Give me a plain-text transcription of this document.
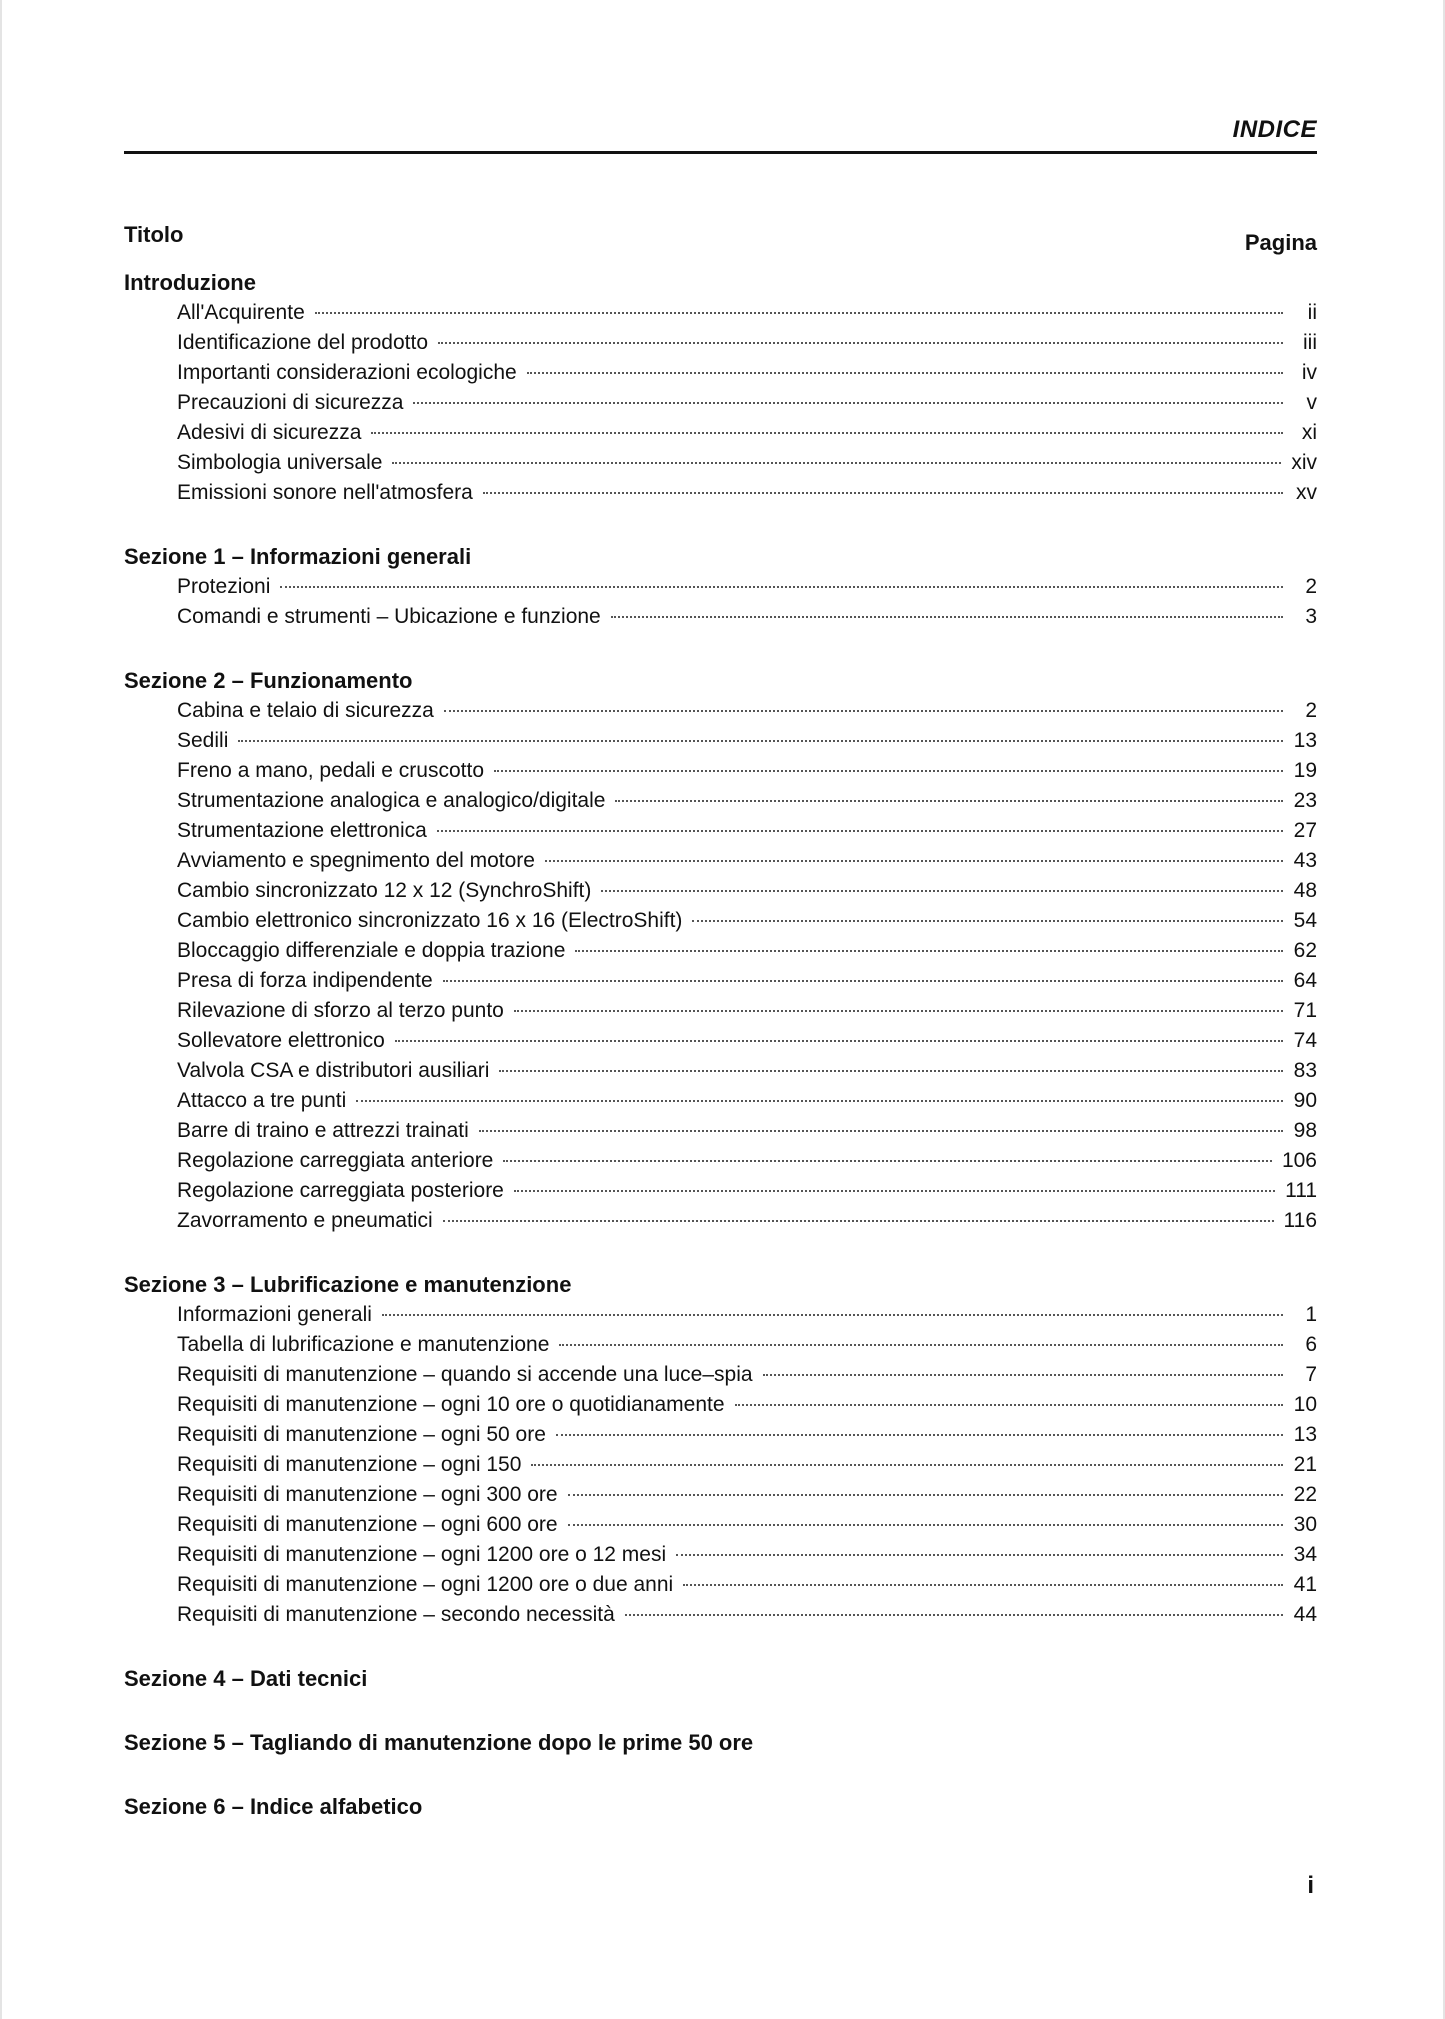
INDICE
Titolo	Pagina
Introduzione
All'Acquirente	ii
Identificazione del prodotto	iii
Importanti considerazioni ecologiche	iv
Precauzioni di sicurezza	v
Adesivi di sicurezza	xi
Simbologia universale	xiv
Emissioni sonore nell'atmosfera	xv
Sezione 1 – Informazioni generali
Protezioni	2
Comandi e strumenti – Ubicazione e funzione	3
Sezione 2 – Funzionamento
Cabina e telaio di sicurezza	2
Sedili	13
Freno a mano, pedali e cruscotto	19
Strumentazione analogica e analogico/digitale	23
Strumentazione elettronica	27
Avviamento e spegnimento del motore	43
Cambio sincronizzato 12 x 12 (SynchroShift)	48
Cambio elettronico sincronizzato 16 x 16 (ElectroShift)	54
Bloccaggio differenziale e doppia trazione	62
Presa di forza indipendente	64
Rilevazione di sforzo al terzo punto	71
Sollevatore elettronico	74
Valvola CSA e distributori ausiliari	83
Attacco a tre punti	90
Barre di traino e attrezzi trainati	98
Regolazione carreggiata anteriore	106
Regolazione carreggiata posteriore	111
Zavorramento e pneumatici	116
Sezione 3 – Lubrificazione e manutenzione
Informazioni generali	1
Tabella di lubrificazione e manutenzione	6
Requisiti di manutenzione – quando si accende una luce–spia	7
Requisiti di manutenzione – ogni 10 ore o quotidianamente	10
Requisiti di manutenzione – ogni 50 ore	13
Requisiti di manutenzione – ogni 150	21
Requisiti di manutenzione – ogni 300 ore	22
Requisiti di manutenzione – ogni 600 ore	30
Requisiti di manutenzione – ogni 1200 ore o 12 mesi	34
Requisiti di manutenzione – ogni 1200 ore o due anni	41
Requisiti di manutenzione – secondo necessità	44
Sezione 4 – Dati tecnici
Sezione 5 – Tagliando di manutenzione dopo le prime 50 ore
Sezione 6 – Indice alfabetico
i
